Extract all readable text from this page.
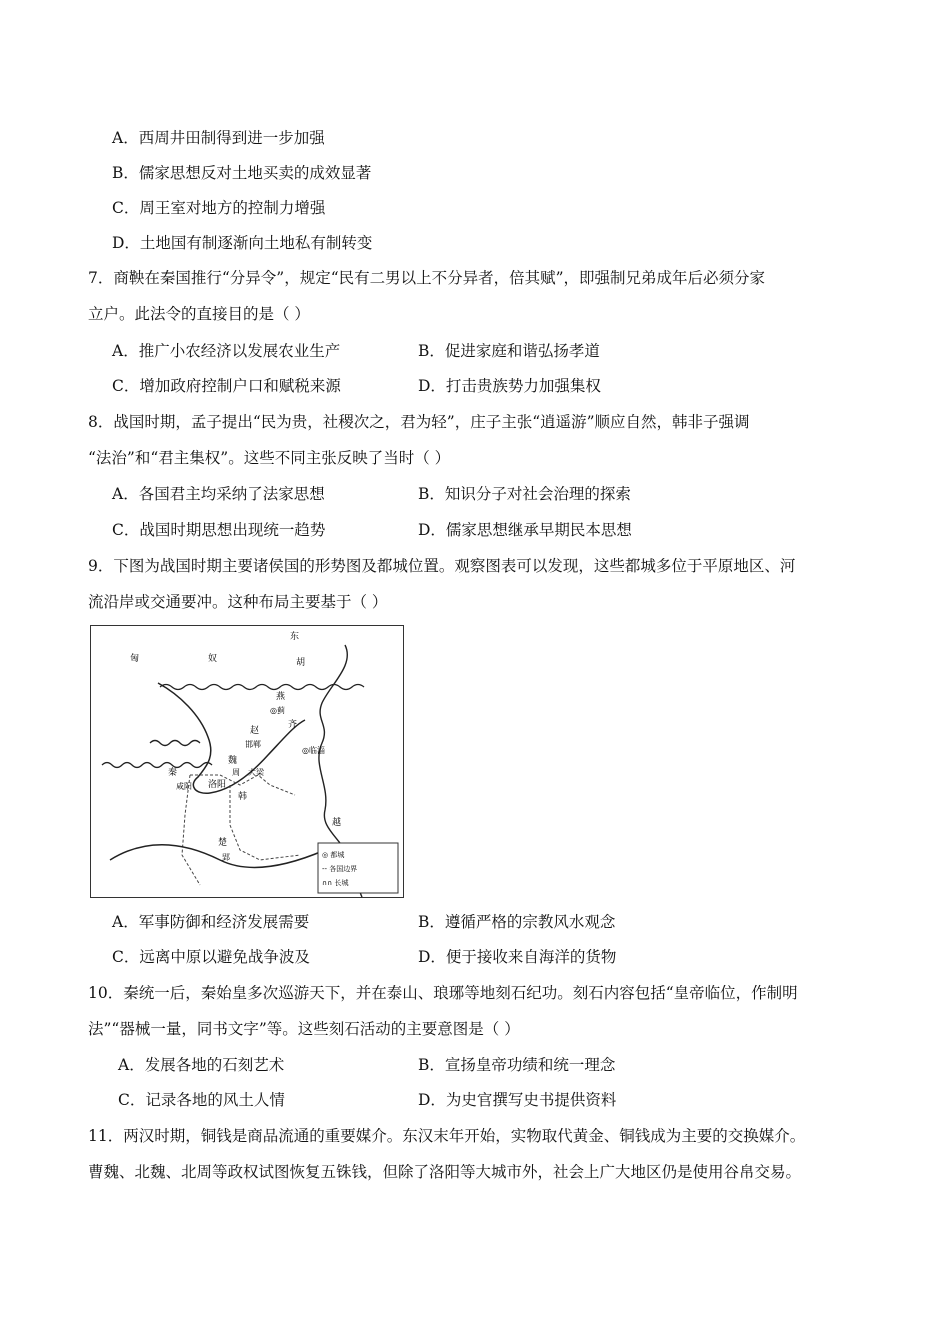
A．西周井田制得到进一步加强
B．儒家思想反对土地买卖的成效显著
C．周王室对地方的控制力增强
D．土地国有制逐渐向土地私有制转变
7．商鞅在秦国推行“分异令”，规定“民有二男以上不分异者，倍其赋”，即强制兄弟成年后必须分家
立户。此法令的直接目的是（ ）
A．推广小农经济以发展农业生产	B．促进家庭和谐弘扬孝道
C．增加政府控制户口和赋税来源	D．打击贵族势力加强集权
8．战国时期，孟子提出“民为贵，社稷次之，君为轻”，庄子主张“逍遥游”顺应自然，韩非子强调
“法治”和“君主集权”。这些不同主张反映了当时（ ）
A．各国君主均采纳了法家思想	B．知识分子对社会治理的探索
C．战国时期思想出现统一趋势	D．儒家思想继承早期民本思想
9．下图为战国时期主要诸侯国的形势图及都城位置。观察图表可以发现，这些都城多位于平原地区、河
流沿岸或交通要冲。这种布局主要基于（ ）
◎ 都城
-- 各国边界
∩∩ 长城
匈	奴
东
胡
燕
◎蓟
赵
邯郸
◎临淄
齐
秦
咸阳
魏
洛阳
周 大梁
韩
楚
郢
越
A．军事防御和经济发展需要	B．遵循严格的宗教风水观念
C．远离中原以避免战争波及	D．便于接收来自海洋的货物
10．秦统一后，秦始皇多次巡游天下，并在泰山、琅琊等地刻石纪功。刻石内容包括“皇帝临位，作制明
法”“器械一量，同书文字”等。这些刻石活动的主要意图是（ ）
A．发展各地的石刻艺术	B．宣扬皇帝功绩和统一理念
C．记录各地的风土人情	D．为史官撰写史书提供资料
11．两汉时期，铜钱是商品流通的重要媒介。东汉末年开始，实物取代黄金、铜钱成为主要的交换媒介。
曹魏、北魏、北周等政权试图恢复五铢钱，但除了洛阳等大城市外，社会上广大地区仍是使用谷帛交易。
